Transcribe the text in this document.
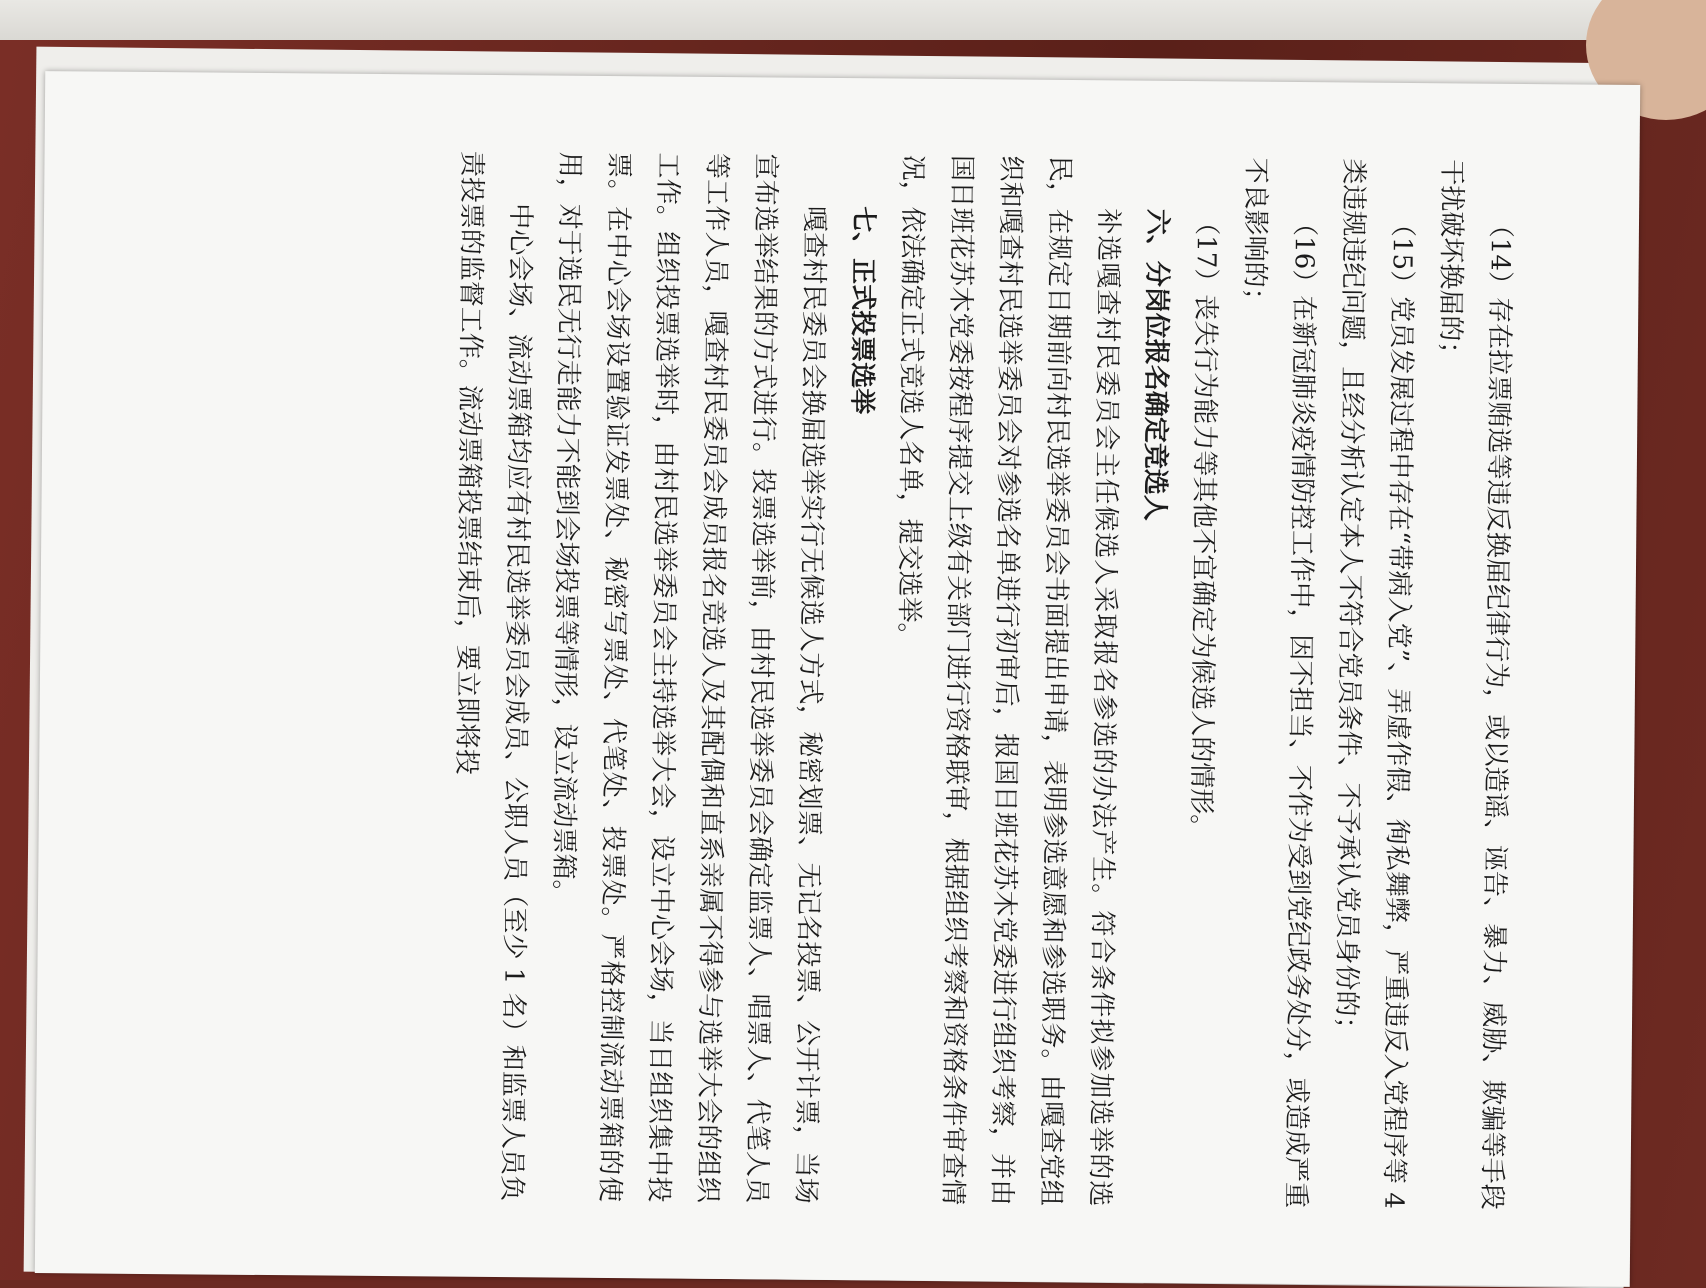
（14）存在拉票贿选等违反换届纪律行为，或以造谣、诬告、暴力、威胁、欺骗等手段干扰破坏换届的；

（15）党员发展过程中存在“带病入党”、弄虚作假、徇私舞弊，严重违反入党程序等 4 类违规违纪问题，且经分析认定本人不符合党员条件、不予承认党员身份的；

（16）在新冠肺炎疫情防控工作中，因不担当、不作为受到党纪政务处分，或造成严重不良影响的；

（17）丧失行为能力等其他不宜确定为候选人的情形。

六、分岗位报名确定竞选人

补选嘎查村民委员会主任候选人采取报名参选的办法产生。符合条件拟参加选举的选民，在规定日期前向村民选举委员会书面提出申请，表明参选意愿和参选职务。由嘎查党组织和嘎查村民选举委员会对参选名单进行初审后，报国日班花苏木党委进行组织考察，并由国日班花苏木党委按程序提交上级有关部门进行资格联审，根据组织考察和资格条件审查情况，依法确定正式竞选人名单，提交选举。

七、正式投票选举

嘎查村民委员会换届选举实行无候选人方式，秘密划票、无记名投票、公开计票，当场宣布选举结果的方式进行。投票选举前，由村民选举委员会确定监票人、唱票人、代笔人员等工作人员，嘎查村民委员会成员报名竞选人及其配偶和直系亲属不得参与选举大会的组织工作。组织投票选举时，由村民选举委员会主持选举大会，设立中心会场，当日组织集中投票。在中心会场设置验证发票处、秘密写票处、代笔处、投票处。严格控制流动票箱的使用，对于选民无行走能力不能到会场投票等情形，设立流动票箱。

中心会场、流动票箱均应有村民选举委员会成员、公职人员（至少 1 名）和监票人员负责投票的监督工作。流动票箱投票结束后，要立即将投
